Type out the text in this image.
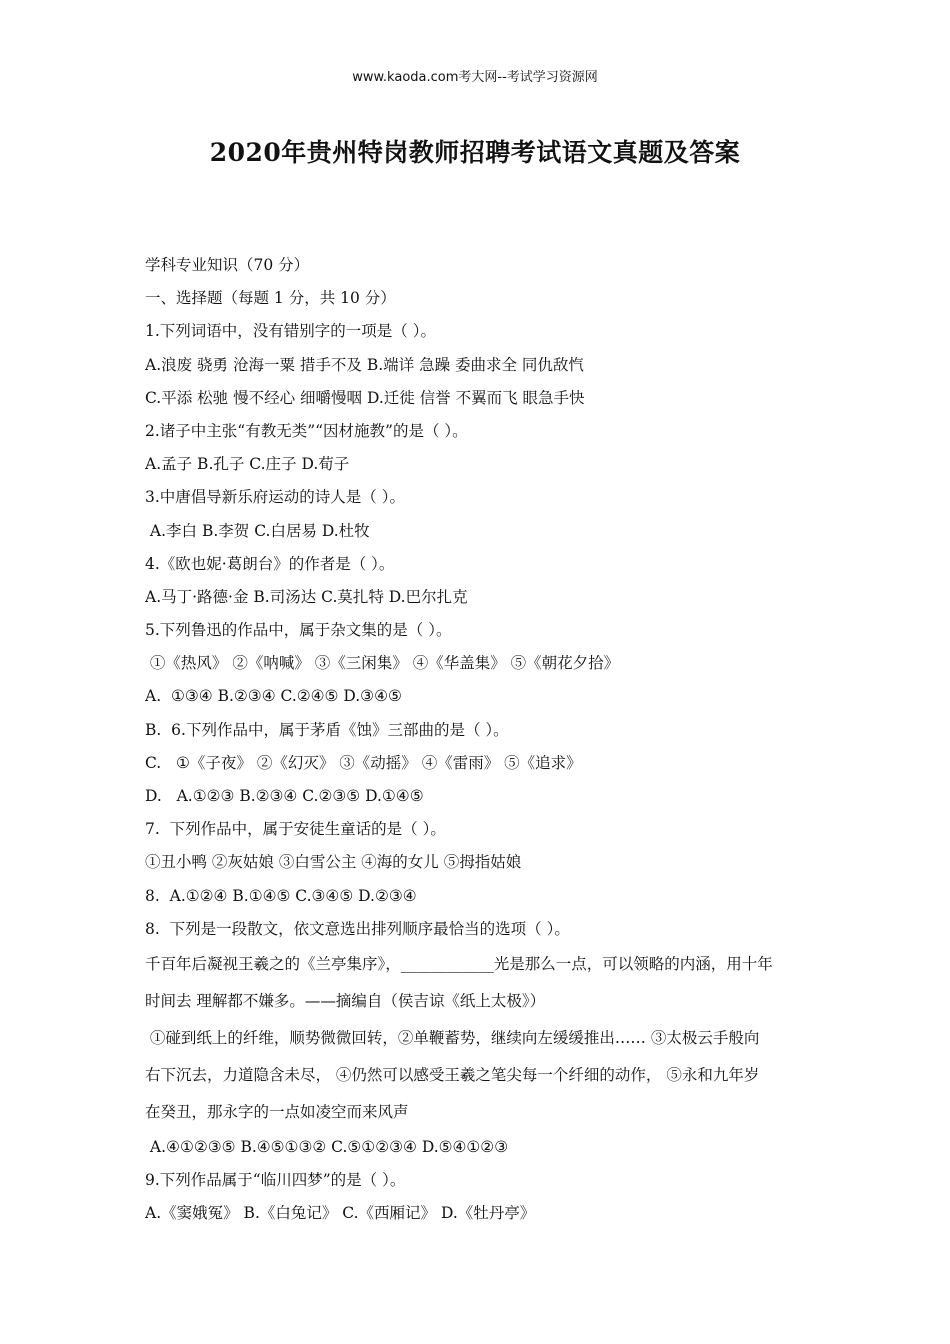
www.kaoda.com考大网--考试学习资源网
2020年贵州特岗教师招聘考试语文真题及答案
学科专业知识（70 分）
一、选择题（每题 1 分，共 10 分）
1.下列词语中，没有错别字的一项是（ ）。
A.浪废 骁勇 沧海一粟 措手不及 B.端详 急躁 委曲求全 同仇敌忾
C.平添 松驰 慢不经心 细嚼慢咽 D.迁徙 信誉 不翼而飞 眼急手快
2.诸子中主张“有教无类”“因材施教”的是（ ）。
A.孟子 B.孔子 C.庄子 D.荀子
3.中唐倡导新乐府运动的诗人是（ ）。
A.李白 B.李贺 C.白居易 D.杜牧
4.《欧也妮·葛朗台》的作者是（ ）。
A.马丁·路德·金 B.司汤达 C.莫扎特 D.巴尔扎克
5.下列鲁迅的作品中，属于杂文集的是（ ）。
①《热风》 ②《呐喊》 ③《三闲集》 ④《华盖集》 ⑤《朝花夕拾》
A.  ①③④ B.②③④ C.②④⑤ D.③④⑤
B.  6.下列作品中，属于茅盾《蚀》三部曲的是（ ）。
C.   ①《子夜》 ②《幻灭》 ③《动摇》 ④《雷雨》 ⑤《追求》
D.   A.①②③ B.②③④ C.②③⑤ D.①④⑤
7.  下列作品中，属于安徒生童话的是（ ）。
①丑小鸭 ②灰姑娘 ③白雪公主 ④海的女儿 ⑤拇指姑娘
8.  A.①②④ B.①④⑤ C.③④⑤ D.②③④
8.  下列是一段散文，依文意选出排列顺序最恰当的选项（ ）。
千百年后凝视王羲之的《兰亭集序》，____________光是那么一点，可以领略的内涵，用十年
时间去 理解都不嫌多。——摘编自（侯吉谅《纸上太极》）
①碰到纸上的纤维，顺势微微回转，②单鞭蓄势，继续向左缓缓推出…… ③太极云手般向
右下沉去，力道隐含未尽， ④仍然可以感受王羲之笔尖每一个纤细的动作， ⑤永和九年岁
在癸丑，那永字的一点如凌空而来风声
A.④①②③⑤ B.④⑤①③② C.⑤①②③④ D.⑤④①②③
9.下列作品属于“临川四梦”的是（ ）。
A.《窦娥冤》 B.《白兔记》 C.《西厢记》 D.《牡丹亭》
